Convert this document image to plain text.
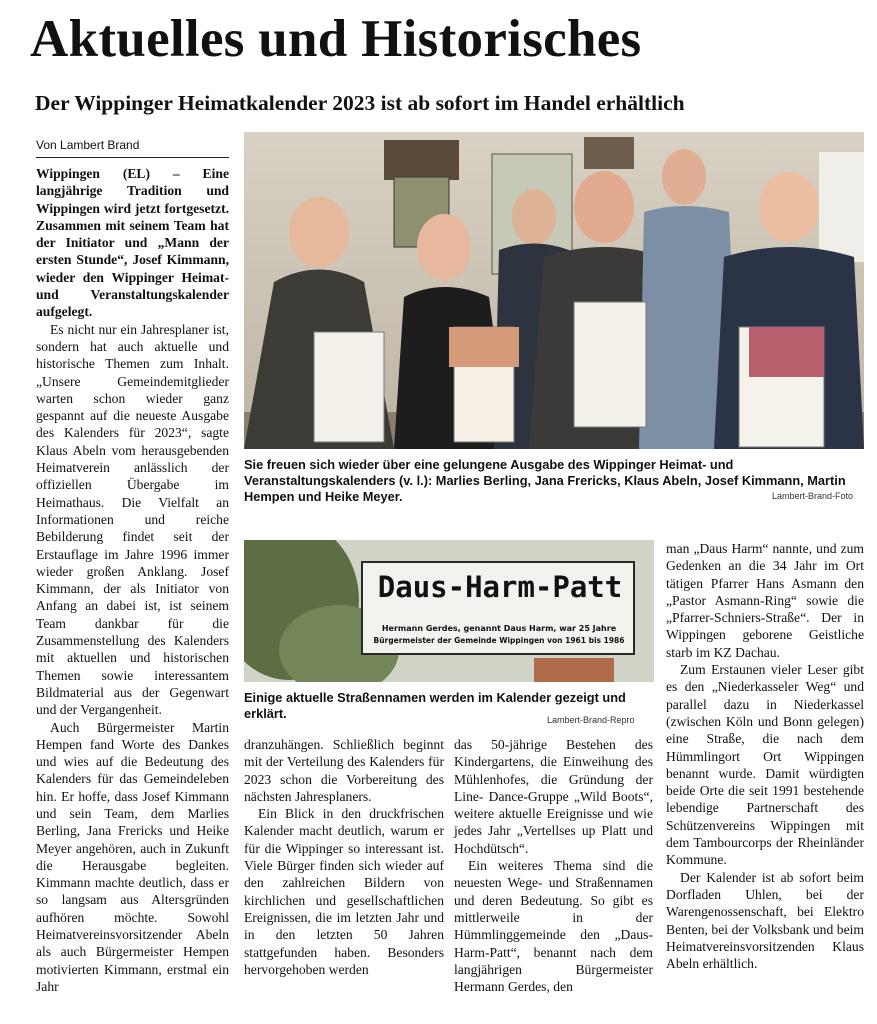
Aktuelles und Historisches
Der Wippinger Heimatkalender 2023 ist ab sofort im Handel erhältlich
Von Lambert Brand

Wippingen (EL) – Eine langjährige Tradition und Wippingen wird jetzt fortgesetzt. Zusammen mit seinem Team hat der Initiator und „Mann der ersten Stunde“, Josef Kimmann, wieder den Wippinger Heimat- und Veranstaltungskalender aufgelegt.

Es nicht nur ein Jahresplaner ist, sondern hat auch aktuelle und historische Themen zum Inhalt. „Unsere Gemeindemitglieder warten schon wieder ganz gespannt auf die neueste Ausgabe des Kalenders für 2023“, sagte Klaus Abeln vom herausgebenden Heimatverein anlässlich der offiziellen Übergabe im Heimathaus. Die Vielfalt an Informationen und reiche Bebilderung findet seit der Erstauflage im Jahre 1996 immer wieder großen Anklang. Josef Kimmann, der als Initiator von Anfang an dabei ist, ist seinem Team dankbar für die Zusammenstellung des Kalenders mit aktuellen und historischen Themen sowie interessantem Bildmaterial aus der Gegenwart und der Vergangenheit.

Auch Bürgermeister Martin Hempen fand Worte des Dankes und wies auf die Bedeutung des Kalenders für das Gemeindeleben hin. Er hoffe, dass Josef Kimmann und sein Team, dem Marlies Berling, Jana Frericks und Heike Meyer angehören, auch in Zukunft die Herausgabe begleiten. Kimmann machte deutlich, dass er so langsam aus Altersgründen aufhören möchte. Sowohl Heimatvereinsvorsitzender Abeln als auch Bürgermeister Hempen motivierten Kimmann, erstmal ein Jahr

Sie freuen sich wieder über eine gelungene Ausgabe des Wippinger Heimat- und Veranstaltungskalenders (v. l.): Marlies Berling, Jana Frericks, Klaus Abeln, Josef Kimmann, Martin Hempen und Heike Meyer.	Lambert-Brand-Foto
Daus-Harm-Patt
Hermann Gerdes, genannt Daus Harm, war 25 Jahre
Bürgermeister der Gemeinde Wippingen von 1961 bis 1986
Einige aktuelle Straßennamen werden im Kalender gezeigt und erklärt.	Lambert-Brand-Repro

dranzuhängen. Schließlich beginnt mit der Verteilung des Kalenders für 2023 schon die Vorbereitung des nächsten Jahresplaners.

Ein Blick in den druckfrischen Kalender macht deutlich, warum er für die Wippinger so interessant ist. Viele Bürger finden sich wieder auf den zahlreichen Bildern von kirchlichen und gesellschaftlichen Ereignissen, die im letzten Jahr und in den letzten 50 Jahren stattgefunden haben. Besonders hervorgehoben werden

das 50-jährige Bestehen des Kindergartens, die Einweihung des Mühlenhofes, die Gründung der Line- Dance-Gruppe „Wild Boots“, weitere aktuelle Ereignisse und wie jedes Jahr „Vertellses up Platt und Hochdütsch“.

Ein weiteres Thema sind die neuesten Wege- und Straßennamen und deren Bedeutung. So gibt es mittlerweile in der Hümmlinggemeinde den „Daus-Harm-Patt“, benannt nach dem langjährigen Bürgermeister Hermann Gerdes, den

man „Daus Harm“ nannte, und zum Gedenken an die 34 Jahr im Ort tätigen Pfarrer Hans Asmann den „Pastor Asmann-Ring“ sowie die „Pfarrer-Schniers-Straße“. Der in Wippingen geborene Geistliche starb im KZ Dachau.

Zum Erstaunen vieler Leser gibt es den „Niederkasseler Weg“ und parallel dazu in Niederkassel (zwischen Köln und Bonn gelegen) eine Straße, die nach dem Hümmlingort Ort Wippingen benannt wurde. Damit würdigten beide Orte die seit 1991 bestehende lebendige Partnerschaft des Schützenvereins Wippingen mit dem Tambourcorps der Rheinländer Kommune.

Der Kalender ist ab sofort beim Dorfladen Uhlen, bei der Warengenossenschaft, bei Elektro Benten, bei der Volksbank und beim Heimatvereinsvorsitzenden Klaus Abeln erhältlich.
